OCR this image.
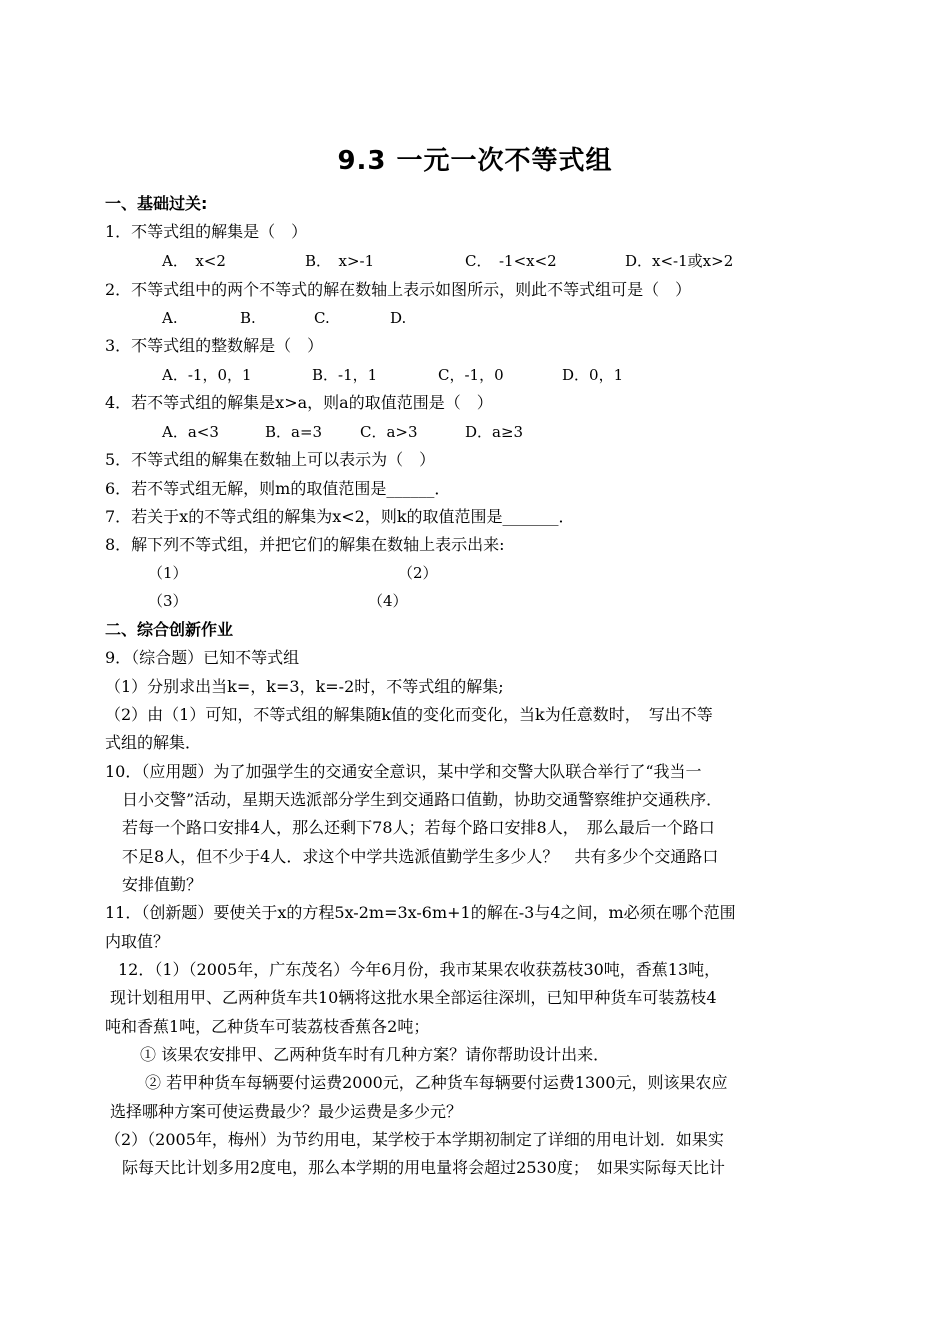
9.3 一元一次不等式组
一、基础过关:
1．不等式组的解集是（　）
A．　x<2	B．　x>-1	C．　-1<x<2	D．x<-1或x>2
2．不等式组中的两个不等式的解在数轴上表示如图所示，则此不等式组可是（　）
A.	B.	C.	D.
3．不等式组的整数解是（　）
A．-1，0，1	B．-1，1	C，-1，0	D．0，1
4．若不等式组的解集是x>a，则a的取值范围是（　）
A．a<3	B．a=3	C．a>3	D．a≥3
5．不等式组的解集在数轴上可以表示为（　）
6．若不等式组无解，则m的取值范围是______．
7．若关于x的不等式组的解集为x<2，则k的取值范围是_______．
8．解下列不等式组，并把它们的解集在数轴上表示出来:
（1）	（2）
（3）	（4）
二、综合创新作业
9．（综合题）已知不等式组
（1）分别求出当k=，k=3，k=-2时，不等式组的解集;
（2）由（1）可知，不等式组的解集随k值的变化而变化，当k为任意数时，　写出不等
式组的解集．
10．（应用题）为了加强学生的交通安全意识，某中学和交警大队联合举行了“我当一
日小交警”活动，星期天选派部分学生到交通路口值勤，协助交通警察维护交通秩序．
若每一个路口安排4人，那么还剩下78人；若每个路口安排8人，　那么最后一个路口
不足8人，但不少于4人．求这个中学共选派值勤学生多少人？　共有多少个交通路口
安排值勤？
11．（创新题）要使关于x的方程5x-2m=3x-6m+1的解在-3与4之间，m必须在哪个范围
内取值？
12．（1）（2005年，广东茂名）今年6月份，我市某果农收获荔枝30吨，香蕉13吨，
现计划租用甲、乙两种货车共10辆将这批水果全部运往深圳，已知甲种货车可装荔枝4
吨和香蕉1吨，乙种货车可装荔枝香蕉各2吨；
① 该果农安排甲、乙两种货车时有几种方案？请你帮助设计出来．
② 若甲种货车每辆要付运费2000元，乙种货车每辆要付运费1300元，则该果农应
选择哪种方案可使运费最少？最少运费是多少元？
（2）（2005年，梅州）为节约用电，某学校于本学期初制定了详细的用电计划．如果实
际每天比计划多用2度电，那么本学期的用电量将会超过2530度；　如果实际每天比计
